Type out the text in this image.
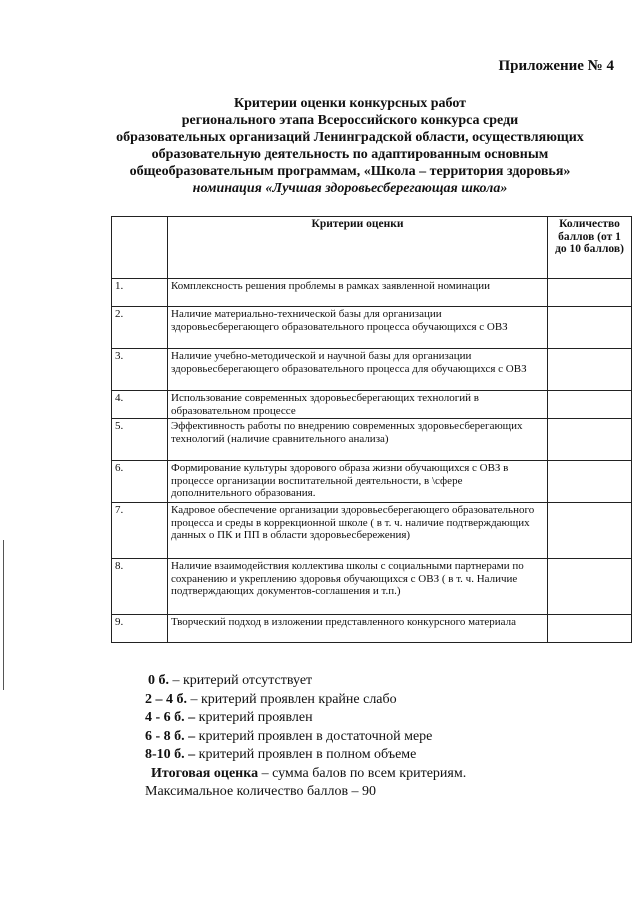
Приложение № 4
Критерии оценки конкурсных работ
регионального этапа Всероссийского конкурса среди
образовательных организаций Ленинградской области, осуществляющих
образовательную деятельность по адаптированным основным
общеобразовательным программам, «Школа – территория здоровья»
номинация «Лучшая здоровьесберегающая школа»
	Критерии оценки	Количество баллов (от 1 до 10 баллов)
1.	Комплексность решения проблемы в рамках заявленной номинации	
2.	Наличие материально-технической базы для организации здоровьесберегающего образовательного процесса обучающихся с ОВЗ	
3.	Наличие учебно-методической и научной базы для организации здоровьесберегающего образовательного процесса для обучающихся с ОВЗ	
4.	Использование современных здоровьесберегающих технологий в образовательном процессе	
5.	Эффективность работы по внедрению современных здоровьесберегающих технологий (наличие сравнительного анализа)	
6.	Формирование культуры здорового образа жизни обучающихся с ОВЗ в процессе организации воспитательной деятельности, в \сфере дополнительного образования.	
7.	Кадровое обеспечение организации здоровьесберегающего образовательного процесса и среды в коррекционной школе ( в т. ч. наличие подтверждающих данных о ПК и ПП в области здоровьесбережения)	
8.	Наличие взаимодействия коллектива школы с социальными партнерами по сохранению и укреплению здоровья обучающихся с ОВЗ ( в т. ч. Наличие подтверждающих документов-соглашения и т.п.)	
9.	Творческий подход в изложении представленного конкурсного материала	
0 б. – критерий отсутствует
2 – 4 б. – критерий проявлен крайне слабо
4 - 6 б. – критерий проявлен
6 - 8 б. – критерий проявлен в достаточной мере
8-10 б. – критерий проявлен в полном объеме
Итоговая оценка – сумма балов по всем критериям.
Максимальное количество баллов – 90
